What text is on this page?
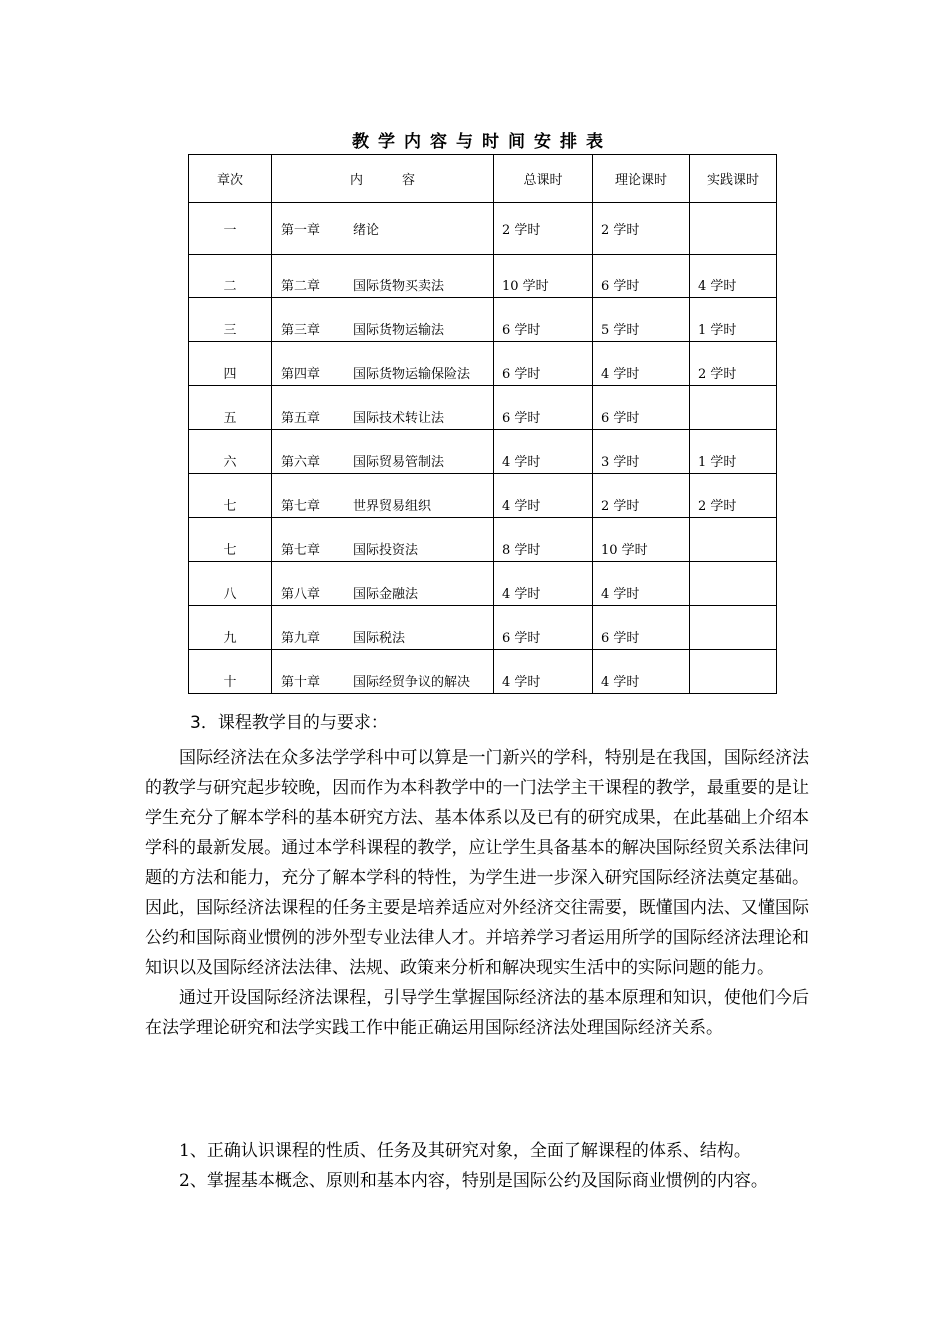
教学内容与时间安排表
章次	内　　　容	总课时	理论课时	实践课时
一	第一章 绪论	2 学时	2 学时	
二	第二章 国际货物买卖法	10 学时	6 学时	4 学时
三	第三章 国际货物运输法	6 学时	5 学时	1 学时
四	第四章 国际货物运输保险法	6 学时	4 学时	2 学时
五	第五章 国际技术转让法	6 学时	6 学时	
六	第六章 国际贸易管制法	4 学时	3 学时	1 学时
七	第七章 世界贸易组织	4 学时	2 学时	2 学时
七	第七章 国际投资法	8 学时	10 学时	
八	第八章 国际金融法	4 学时	4 学时	
九	第九章 国际税法	6 学时	6 学时	
十	第十章 国际经贸争议的解决	4 学时	4 学时	
3．课程教学目的与要求：

国际经济法在众多法学学科中可以算是一门新兴的学科，特别是在我国，国际经济法的教学与研究起步较晚，因而作为本科教学中的一门法学主干课程的教学，最重要的是让学生充分了解本学科的基本研究方法、基本体系以及已有的研究成果，在此基础上介绍本学科的最新发展。通过本学科课程的教学，应让学生具备基本的解决国际经贸关系法律问题的方法和能力，充分了解本学科的特性，为学生进一步深入研究国际经济法奠定基础。因此，国际经济法课程的任务主要是培养适应对外经济交往需要，既懂国内法、又懂国际公约和国际商业惯例的涉外型专业法律人才。并培养学习者运用所学的国际经济法理论和知识以及国际经济法法律、法规、政策来分析和解决现实生活中的实际问题的能力。

通过开设国际经济法课程，引导学生掌握国际经济法的基本原理和知识，使他们今后在法学理论研究和法学实践工作中能正确运用国际经济法处理国际经济关系。

1、正确认识课程的性质、任务及其研究对象，全面了解课程的体系、结构。

2、掌握基本概念、原则和基本内容，特别是国际公约及国际商业惯例的内容。
